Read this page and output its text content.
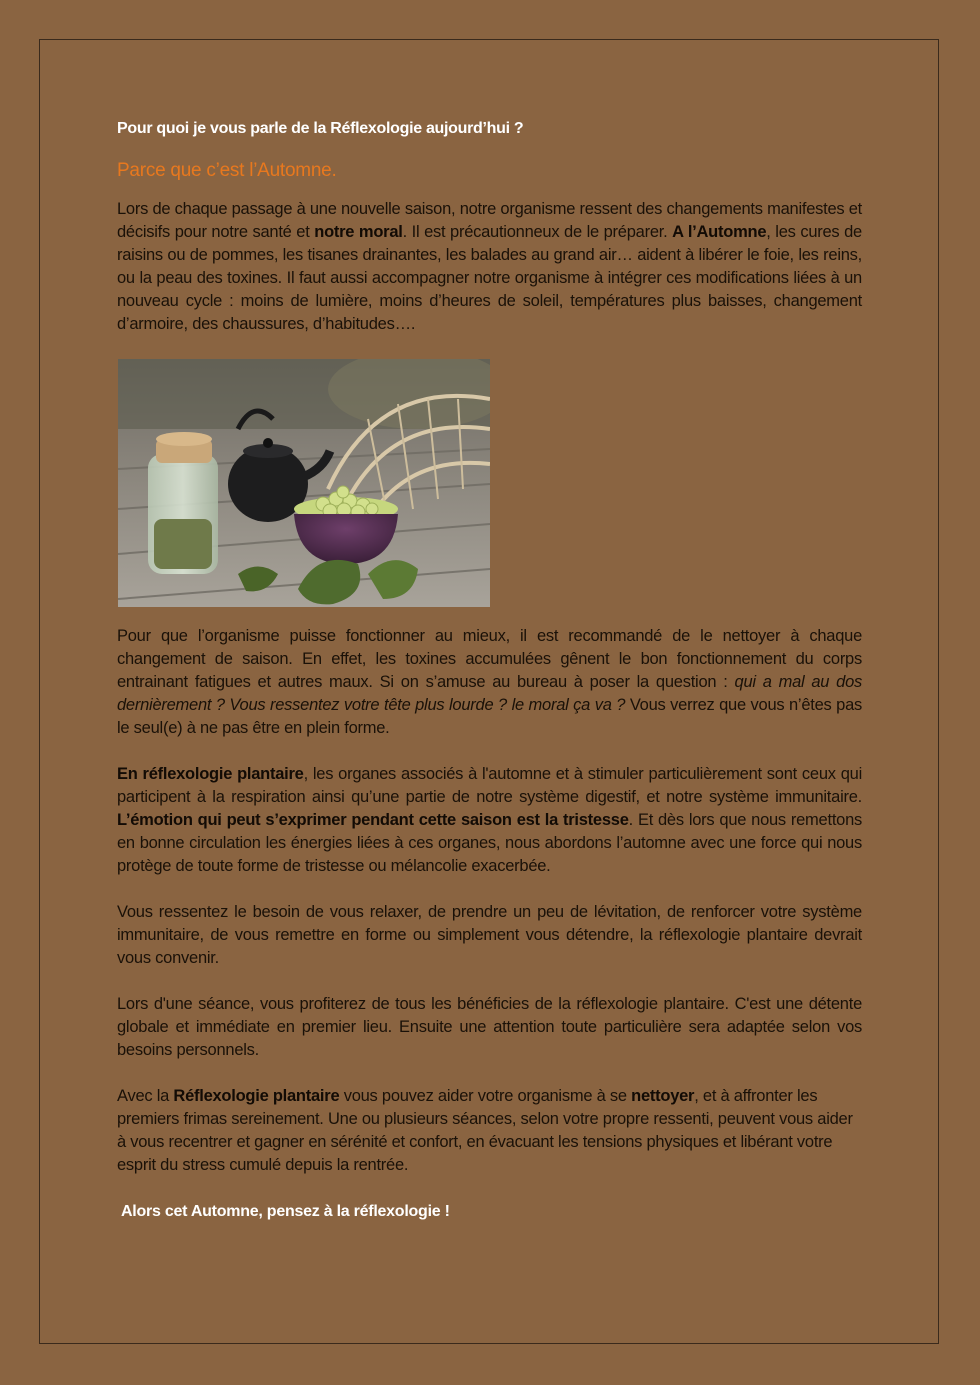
Pour quoi je vous parle de la Réflexologie aujourd’hui ?
Parce que c’est l’Automne.

Lors de chaque passage à une nouvelle saison, notre organisme ressent des changements manifestes et décisifs pour notre santé et notre moral. Il est précautionneux de le préparer. A l’Automne, les cures de raisins ou de pommes, les tisanes drainantes, les balades au grand air… aident à libérer le foie, les reins, ou la peau des toxines. Il faut aussi accompagner notre organisme à intégrer ces modifications liées à un nouveau cycle : moins de lumière, moins d’heures de soleil, températures plus baisses, changement d’armoire, des chaussures, d’habitudes….

Pour que l’organisme puisse fonctionner au mieux, il est recommandé de le nettoyer à chaque changement de saison. En effet, les toxines accumulées gênent le bon fonctionnement du corps entrainant fatigues et autres maux. Si on s’amuse au bureau à poser la question : qui a mal au dos dernièrement ? Vous ressentez votre tête plus lourde ? le moral ça va ? Vous verrez que vous n’êtes pas le seul(e) à ne pas être en plein forme.

En réflexologie plantaire, les organes associés à l'automne et à stimuler particulièrement sont ceux qui participent à la respiration ainsi qu’une partie de notre système digestif, et notre système immunitaire. L’émotion qui peut s’exprimer pendant cette saison est la tristesse. Et dès lors que nous remettons en bonne circulation les énergies liées à ces organes, nous abordons l’automne avec une force qui nous protège de toute forme de tristesse ou mélancolie exacerbée.

Vous ressentez le besoin de vous relaxer, de prendre un peu de lévitation, de renforcer votre système immunitaire, de vous remettre en forme ou simplement vous détendre, la réflexologie plantaire devrait vous convenir.

Lors d'une séance, vous profiterez de tous les bénéficies de la réflexologie plantaire. C'est une détente globale et immédiate en premier lieu. Ensuite une attention toute particulière sera adaptée selon vos besoins personnels.

Avec la Réflexologie plantaire vous pouvez aider votre organisme à se nettoyer, et à affronter les premiers frimas sereinement. Une ou plusieurs séances, selon votre propre ressenti, peuvent vous aider à vous recentrer et gagner en sérénité et confort, en évacuant les tensions physiques et libérant votre esprit du stress cumulé depuis la rentrée.

Alors cet Automne, pensez à la réflexologie !
